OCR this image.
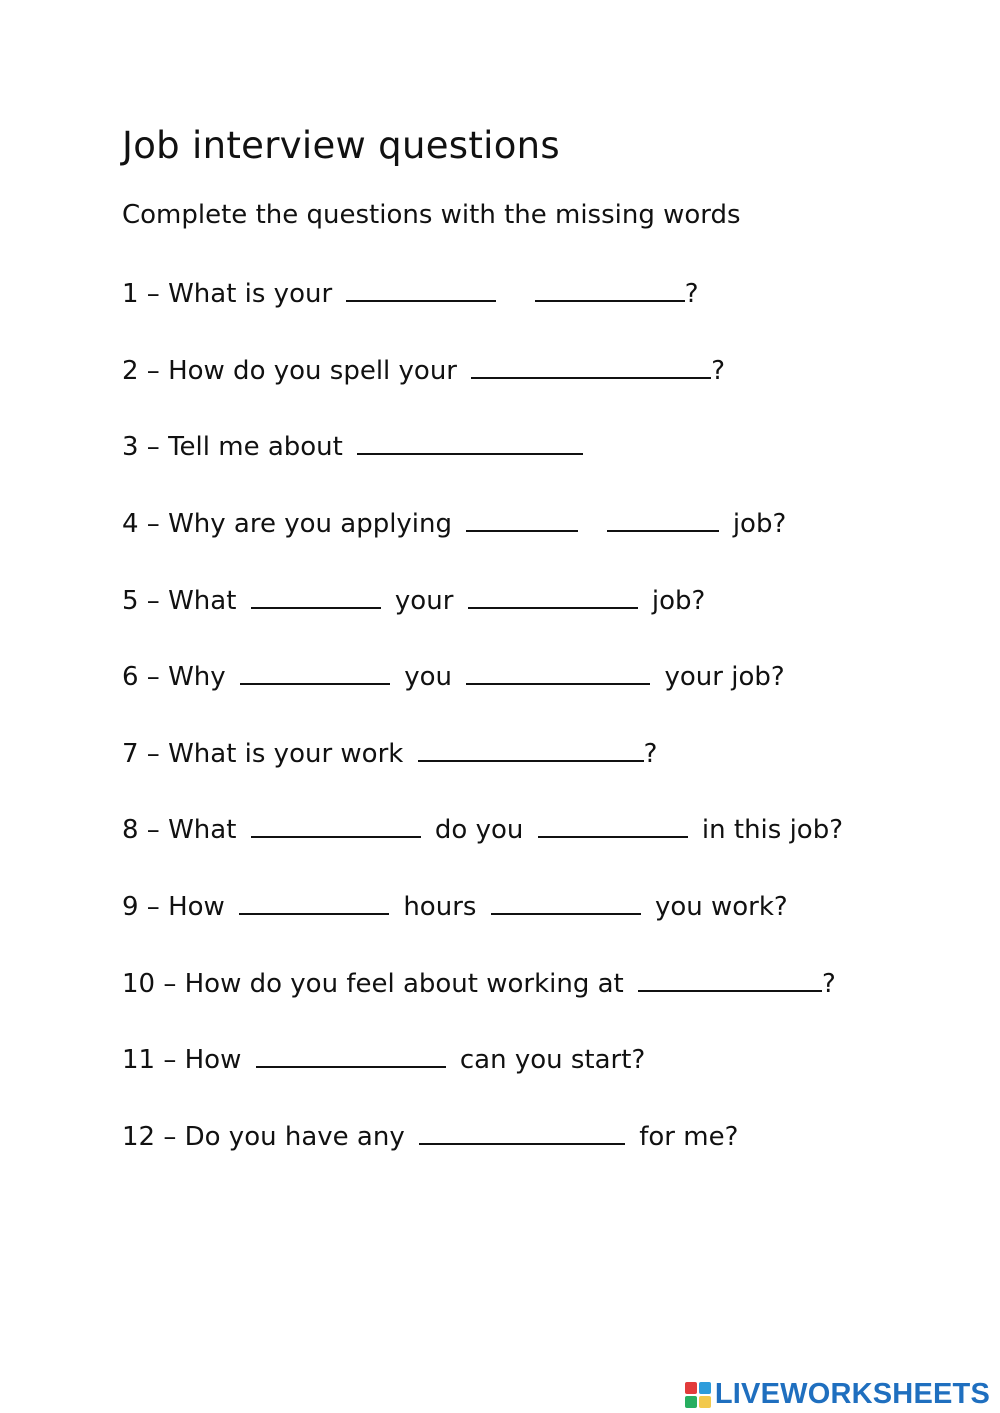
Job interview questions
Complete the questions with the missing words
1 – What is your	?
2 – How do you spell your	?
3 – Tell me about
4 – Why are you applying	job?
5 – What	your	job?
6 – Why	you	your job?
7 – What is your work	?
8 – What	do you	in this job?
9 – How	hours	you work?
10 – How do you feel about working at	?
11 – How	can you start?
12 – Do you have any	for me?
LIVEWORKSHEETS
